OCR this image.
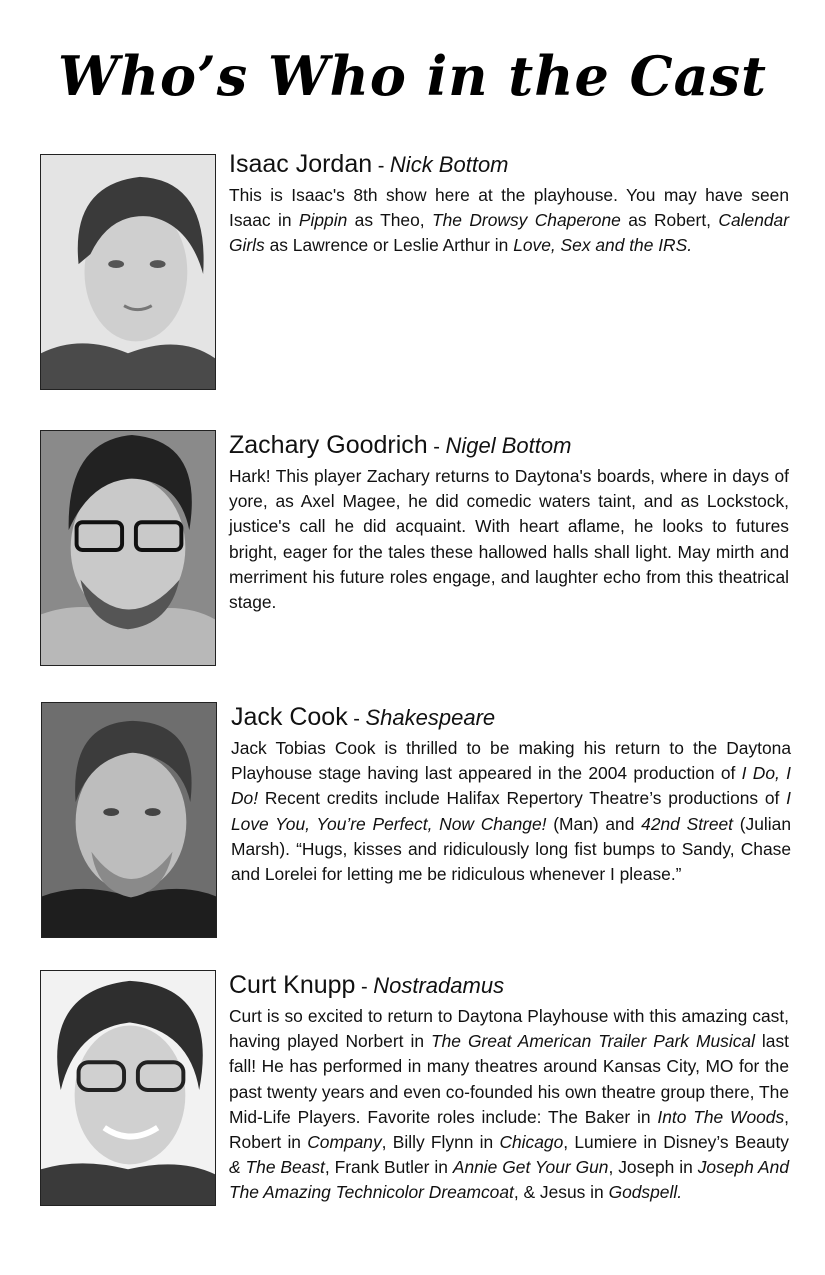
Who’s Who in the Cast

Isaac Jordan - Nick Bottom

This is Isaac's 8th show here at the playhouse. You may have seen Isaac in Pippin as Theo, The Drowsy Chaperone as Robert, Calendar Girls as Lawrence or Leslie Arthur in Love, Sex and the IRS.

Zachary Goodrich - Nigel Bottom

Hark! This player Zachary returns to Daytona's boards, where in days of yore, as Axel Magee, he did comedic waters taint, and as Lockstock, justice's call he did acquaint. With heart aflame, he looks to futures bright, eager for the tales these hallowed halls shall light. May mirth and merriment his future roles engage, and laughter echo from this theatrical stage.

Jack Cook - Shakespeare

Jack Tobias Cook is thrilled to be making his return to the Daytona Playhouse stage having last appeared in the 2004 production of I Do, I Do! Recent credits include Halifax Repertory Theatre’s productions of I Love You, You’re Perfect, Now Change! (Man) and 42nd Street (Julian Marsh). “Hugs, kisses and ridiculously long fist bumps to Sandy, Chase and Lorelei for letting me be ridiculous whenever I please.”

Curt Knupp - Nostradamus

Curt is so excited to return to Daytona Playhouse with this amazing cast, having played Norbert in The Great American Trailer Park Musical last fall! He has performed in many theatres around Kansas City, MO for the past twenty years and even co-founded his own theatre group there, The Mid-Life Players. Favorite roles include: The Baker in Into The Woods, Robert in Company, Billy Flynn in Chicago, Lumiere in Disney’s Beauty & The Beast, Frank Butler in Annie Get Your Gun, Joseph in Joseph And The Amazing Technicolor Dreamcoat, & Jesus in Godspell.
